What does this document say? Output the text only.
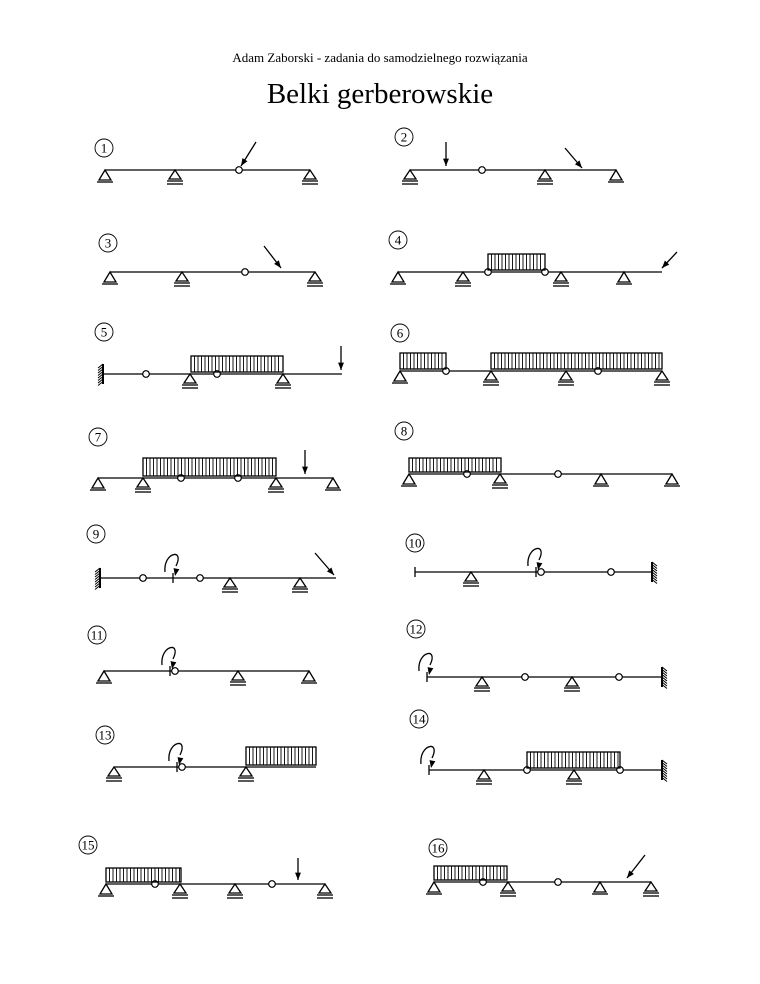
Adam Zaborski - zadania do samodzielnego rozwiązania
Belki gerberowskie
1
2
3	4
5	6
7	8
9
10
11	12
13
14
15	16
